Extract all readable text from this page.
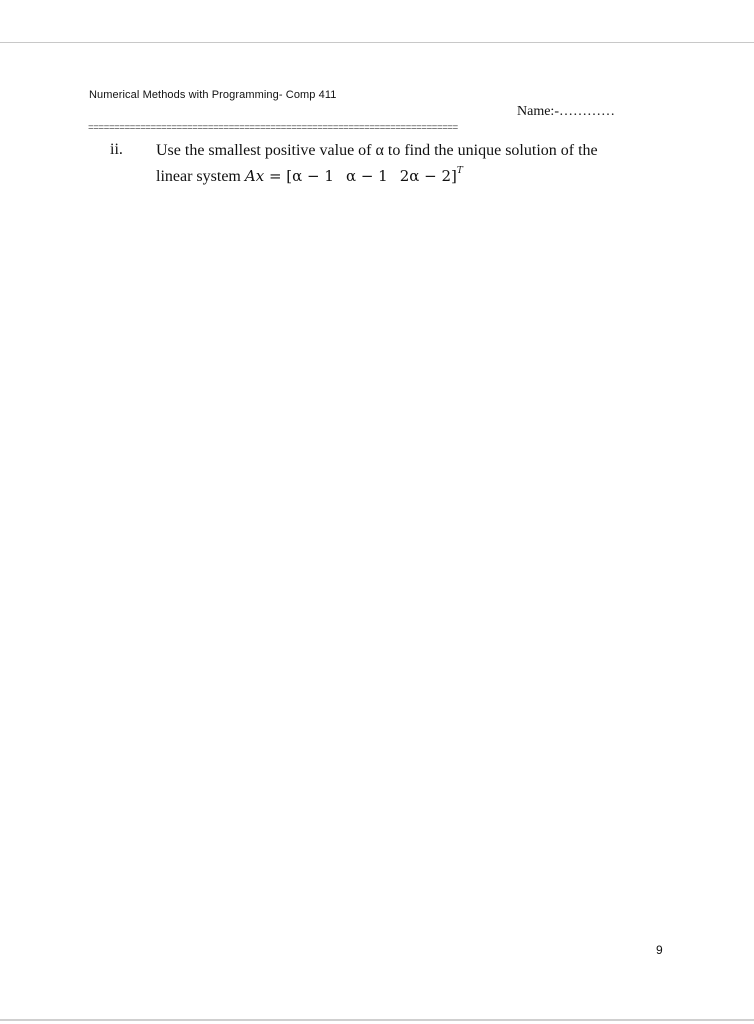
Numerical Methods with Programming- Comp 411
Name:-…………
=======================================================================
ii. Use the smallest positive value of α to find the unique solution of the
linear system Ax = [α − 1 α − 1 2α − 2]$^T$
9
